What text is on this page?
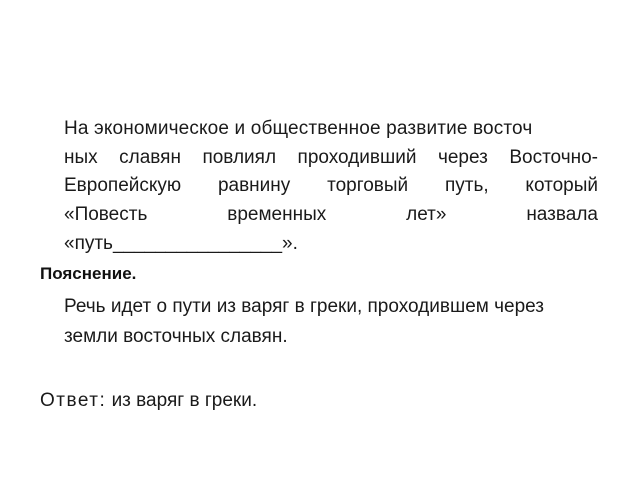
На экономическое и общественное развитие восточ
ных славян повлиял проходивший через Восточно-
Европейскую равнину торговый путь, который
«Повесть	временных	лет»	назвала
«путь________________».
Пояснение.
Речь идет о пути из варяг в греки, проходившем через
земли восточных славян.
Ответ: из варяг в греки.
